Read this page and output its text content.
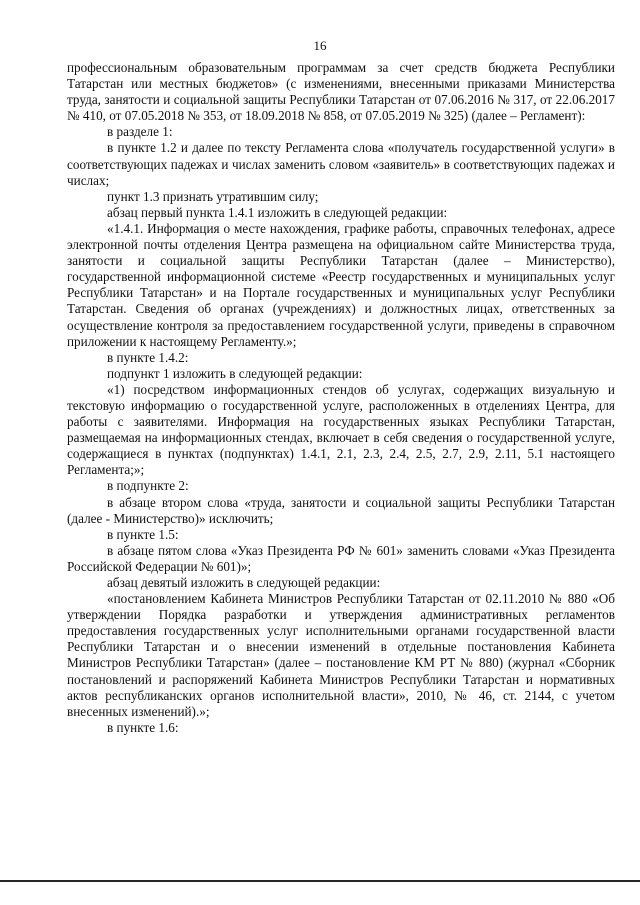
16

профессиональным образовательным программам за счет средств бюджета Республики Татарстан или местных бюджетов» (с изменениями, внесенными приказами Министерства труда, занятости и социальной защиты Республики Татарстан от 07.06.2016 № 317, от 22.06.2017 № 410, от 07.05.2018 № 353, от 18.09.2018 № 858, от 07.05.2019 № 325) (далее – Регламент):

в разделе 1:

в пункте 1.2 и далее по тексту Регламента слова «получатель государственной услуги» в соответствующих падежах и числах заменить словом «заявитель» в соответствующих падежах и числах;

пункт 1.3 признать утратившим силу;

абзац первый пункта 1.4.1 изложить в следующей редакции:

«1.4.1. Информация о месте нахождения, графике работы, справочных телефонах, адресе электронной почты отделения Центра размещена на официальном сайте Министерства труда, занятости и социальной защиты Республики Татарстан (далее – Министерство), государственной информационной системе «Реестр государственных и муниципальных услуг Республики Татарстан» и на Портале государственных и муниципальных услуг Республики Татарстан. Сведения об органах (учреждениях) и должностных лицах, ответственных за осуществление контроля за предоставлением государственной услуги, приведены в справочном приложении к настоящему Регламенту.»;

в пункте 1.4.2:

подпункт 1 изложить в следующей редакции:

«1) посредством информационных стендов об услугах, содержащих визуальную и текстовую информацию о государственной услуге, расположенных в отделениях Центра, для работы с заявителями. Информация на государственных языках Республики Татарстан, размещаемая на информационных стендах, включает в себя сведения о государственной услуге, содержащиеся в пунктах (подпунктах) 1.4.1, 2.1, 2.3, 2.4, 2.5, 2.7, 2.9, 2.11, 5.1 настоящего Регламента;»;

в подпункте 2:

в абзаце втором слова «труда, занятости и социальной защиты Республики Татарстан (далее - Министерство)» исключить;

в пункте 1.5:

в абзаце пятом слова «Указ Президента РФ № 601» заменить словами «Указ Президента Российской Федерации № 601)»;

абзац девятый изложить в следующей редакции:

«постановлением Кабинета Министров Республики Татарстан от 02.11.2010 № 880 «Об утверждении Порядка разработки и утверждения административных регламентов предоставления государственных услуг исполнительными органами государственной власти Республики Татарстан и о внесении изменений в отдельные постановления Кабинета Министров Республики Татарстан» (далее – постановление КМ РТ № 880) (журнал «Сборник постановлений и распоряжений Кабинета Министров Республики Татарстан и нормативных актов республиканских органов исполнительной власти», 2010, № 46, ст. 2144, с учетом внесенных изменений).»;

в пункте 1.6:
